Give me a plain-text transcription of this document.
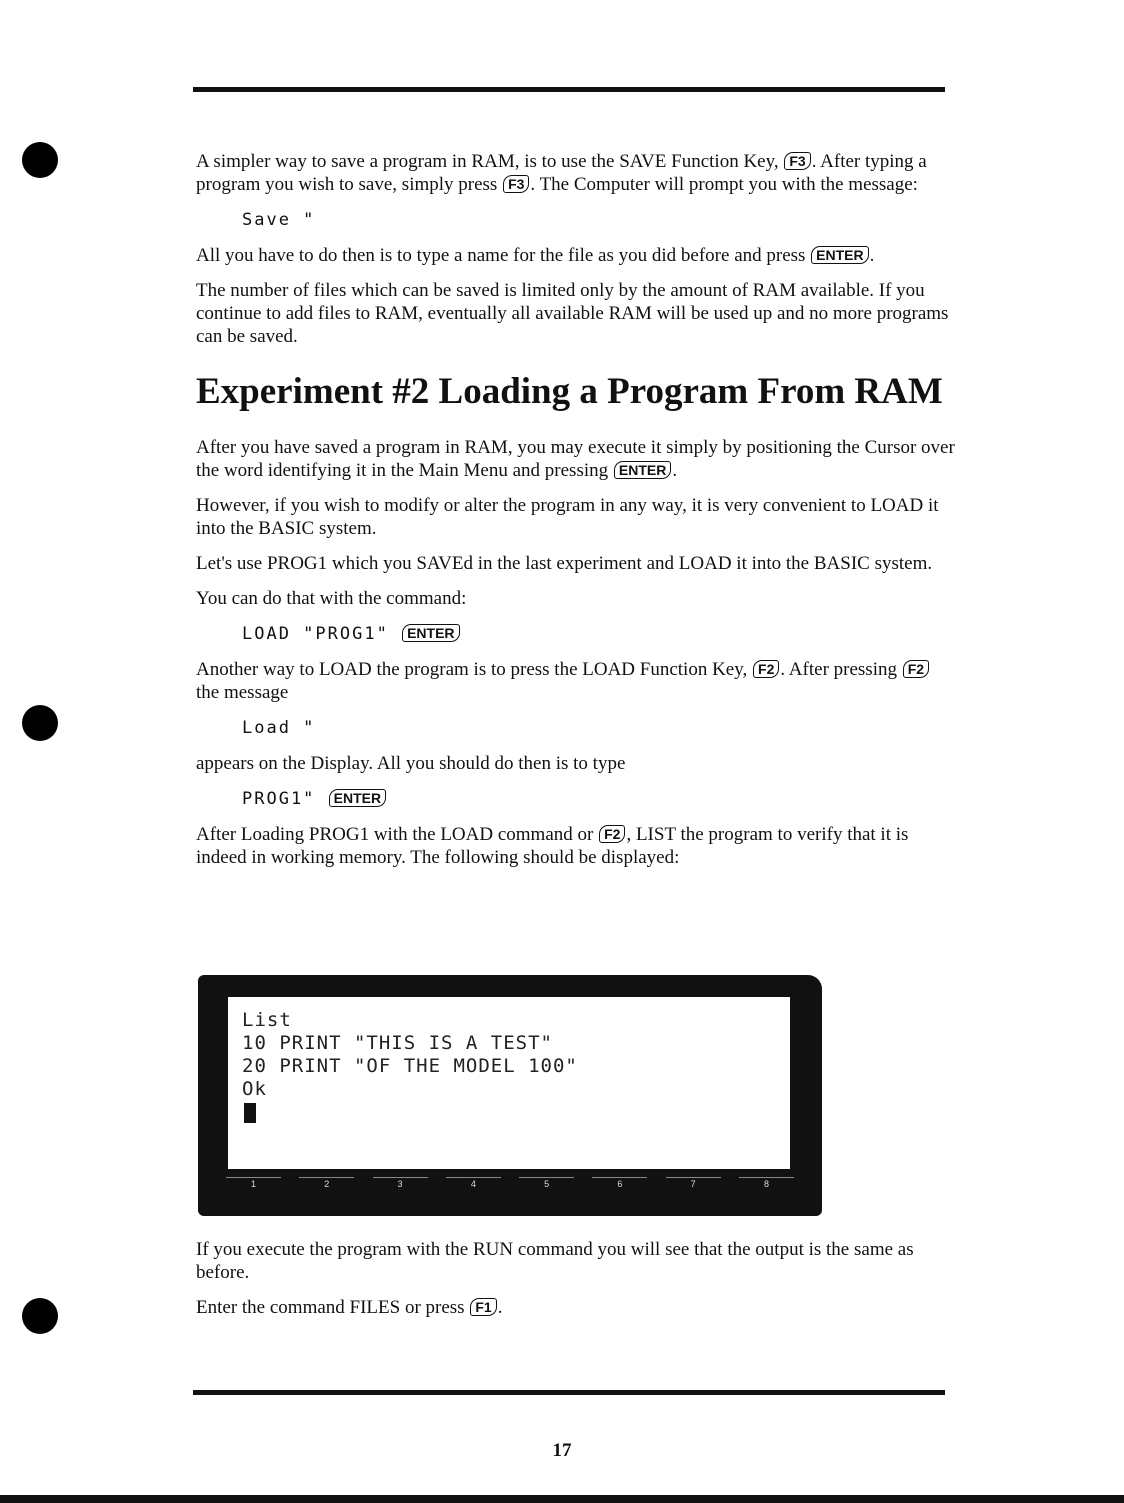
A simpler way to save a program in RAM, is to use the SAVE Function Key, F3 . After typing a program you wish to save, simply press F3 . The Computer will prompt you with the message:

Save "

All you have to do then is to type a name for the file as you did before and press ENTER .

The number of files which can be saved is limited only by the amount of RAM available. If you continue to add files to RAM, eventually all available RAM will be used up and no more programs can be saved.

Experiment #2 Loading a Program From RAM

After you have saved a program in RAM, you may execute it simply by positioning the Cursor over the word identifying it in the Main Menu and pressing ENTER .

However, if you wish to modify or alter the program in any way, it is very convenient to LOAD it into the BASIC system.

Let's use PROG1 which you SAVEd in the last experiment and LOAD it into the BASIC system.

You can do that with the command:

LOAD "PROG1" ENTER

Another way to LOAD the program is to press the LOAD Function Key, F2 . After pressing F2 the message

Load "

appears on the Display. All you should do then is to type

PROG1" ENTER

After Loading PROG1 with the LOAD command or F2 , LIST the program to verify that it is indeed in working memory. The following should be displayed:

List
10 PRINT "THIS IS A TEST"
20 PRINT "OF THE MODEL 100"
Ok
1	2	3	4	5	6	7	8

If you execute the program with the RUN command you will see that the output is the same as before.

Enter the command FILES or press F1 .

17
